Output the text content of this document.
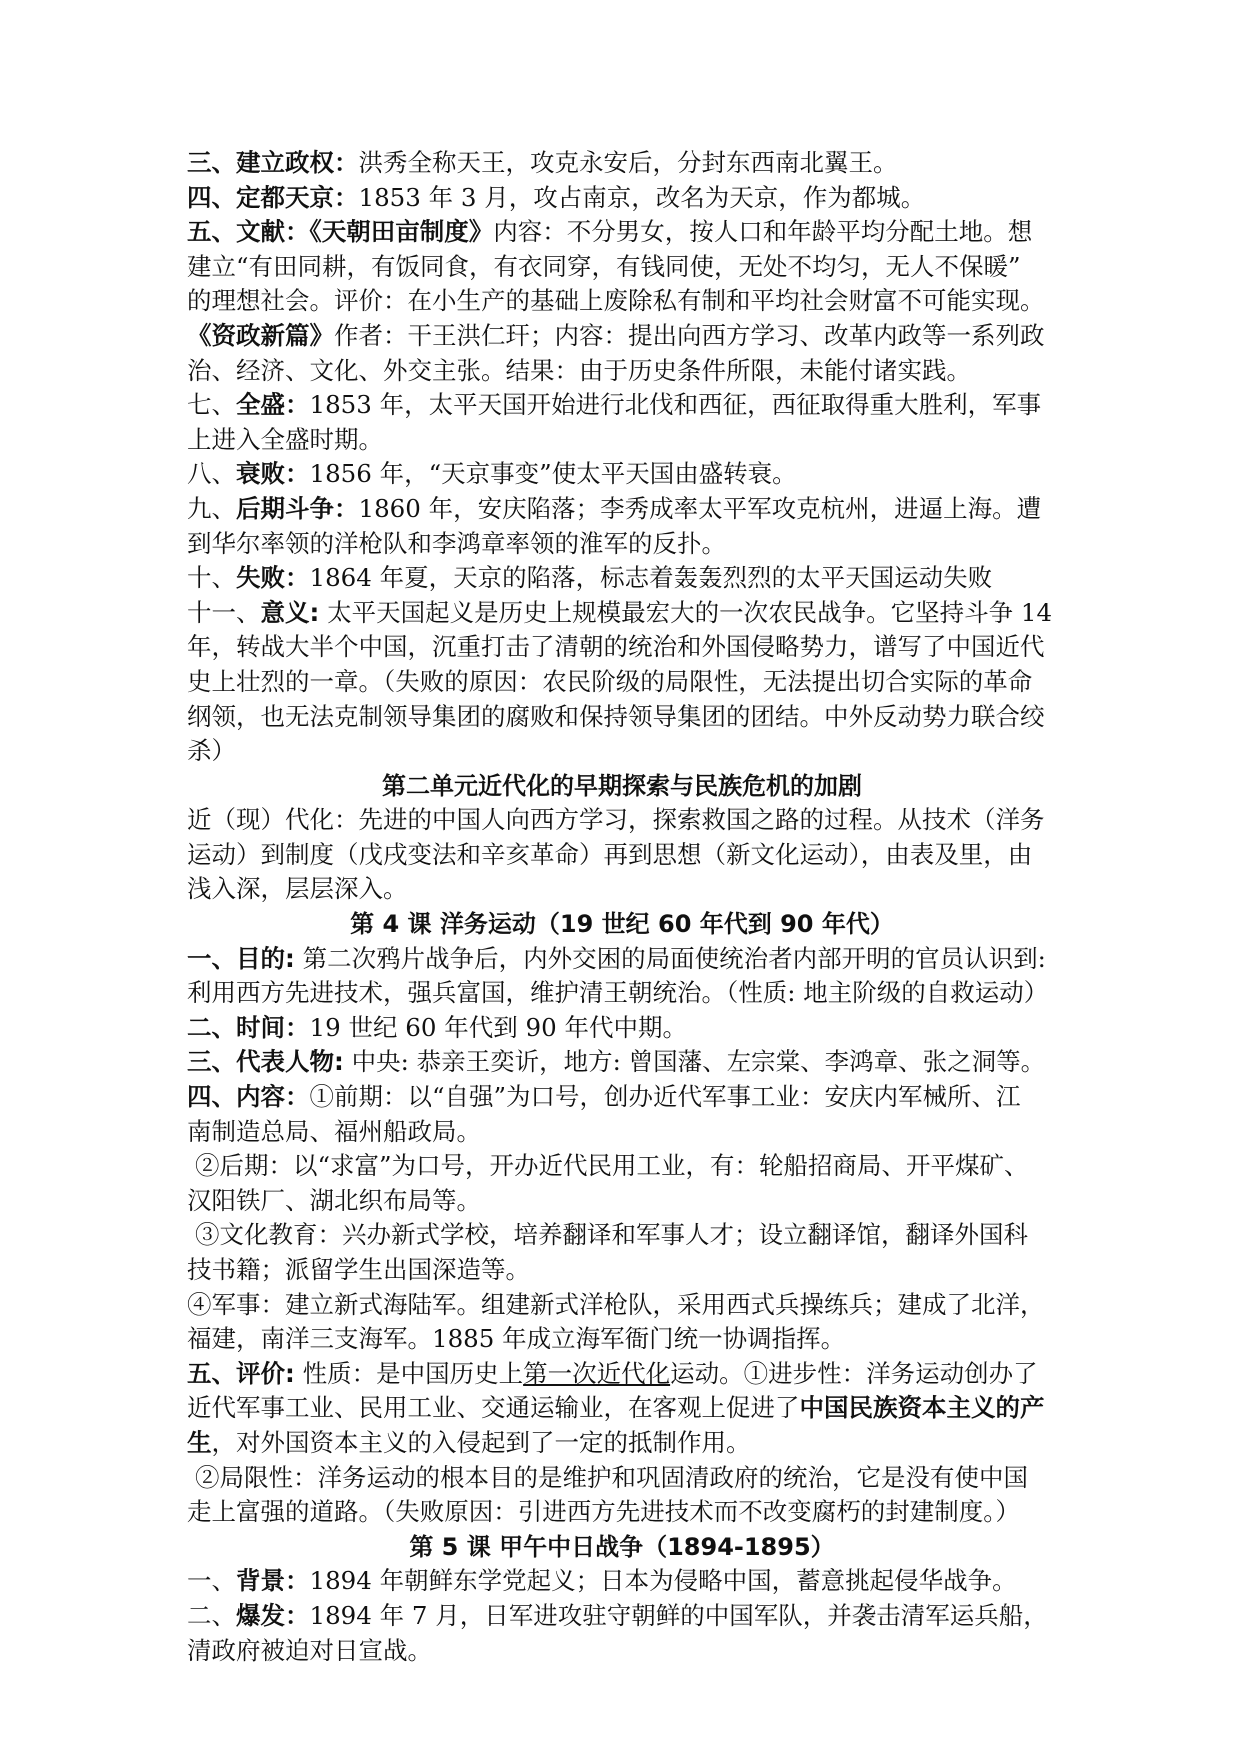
三、建立政权：洪秀全称天王，攻克永安后，分封东西南北翼王。
四、定都天京：1853 年 3 月，攻占南京，改名为天京，作为都城。
五、文献：《天朝田亩制度》内容：不分男女，按人口和年龄平均分配土地。想
建立“有田同耕，有饭同食，有衣同穿，有钱同使，无处不均匀，无人不保暖”
的理想社会。评价：在小生产的基础上废除私有制和平均社会财富不可能实现。
《资政新篇》作者：干王洪仁玕；内容：提出向西方学习、改革内政等一系列政
治、经济、文化、外交主张。结果：由于历史条件所限，未能付诸实践。
七、全盛：1853 年，太平天国开始进行北伐和西征，西征取得重大胜利，军事
上进入全盛时期。
八、衰败：1856 年，“天京事变”使太平天国由盛转衰。
九、后期斗争：1860 年，安庆陷落；李秀成率太平军攻克杭州，进逼上海。遭
到华尔率领的洋枪队和李鸿章率领的淮军的反扑。
十、失败：1864 年夏，天京的陷落，标志着轰轰烈烈的太平天国运动失败
十一、意义: 太平天国起义是历史上规模最宏大的一次农民战争。它坚持斗争 14
年，转战大半个中国，沉重打击了清朝的统治和外国侵略势力，谱写了中国近代
史上壮烈的一章。（失败的原因：农民阶级的局限性，无法提出切合实际的革命
纲领，也无法克制领导集团的腐败和保持领导集团的团结。中外反动势力联合绞
杀）
第二单元近代化的早期探索与民族危机的加剧
近（现）代化：先进的中国人向西方学习，探索救国之路的过程。从技术（洋务
运动）到制度（戊戌变法和辛亥革命）再到思想（新文化运动），由表及里，由
浅入深，层层深入。
第 4 课 洋务运动（19 世纪 60 年代到 90 年代）
一、目的: 第二次鸦片战争后，内外交困的局面使统治者内部开明的官员认识到:
利用西方先进技术，强兵富国，维护清王朝统治。（性质: 地主阶级的自救运动）
二、时间：19 世纪 60 年代到 90 年代中期。
三、代表人物: 中央: 恭亲王奕䜣，地方: 曾国藩、左宗棠、李鸿章、张之洞等。
四、内容：①前期：以“自强”为口号，创办近代军事工业：安庆内军械所、江
南制造总局、福州船政局。
②后期：以“求富”为口号，开办近代民用工业，有：轮船招商局、开平煤矿、
汉阳铁厂、湖北织布局等。
③文化教育：兴办新式学校，培养翻译和军事人才；设立翻译馆，翻译外国科
技书籍；派留学生出国深造等。
④军事：建立新式海陆军。组建新式洋枪队，采用西式兵操练兵；建成了北洋，
福建，南洋三支海军。1885 年成立海军衙门统一协调指挥。
五、评价: 性质：是中国历史上第一次近代化运动。①进步性：洋务运动创办了
近代军事工业、民用工业、交通运输业，在客观上促进了中国民族资本主义的产
生，对外国资本主义的入侵起到了一定的抵制作用。
②局限性：洋务运动的根本目的是维护和巩固清政府的统治，它是没有使中国
走上富强的道路。（失败原因：引进西方先进技术而不改变腐朽的封建制度。）
第 5 课 甲午中日战争（1894-1895）
一、背景：1894 年朝鲜东学党起义；日本为侵略中国，蓄意挑起侵华战争。
二、爆发：1894 年 7 月，日军进攻驻守朝鲜的中国军队，并袭击清军运兵船，
清政府被迫对日宣战。
